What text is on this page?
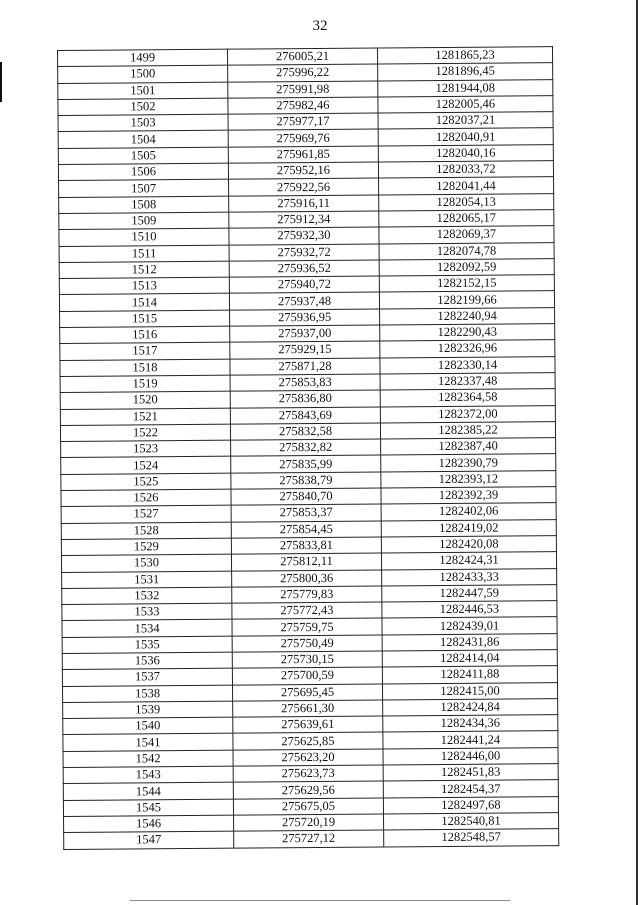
32
1499	276005,21	1281865,23
1500	275996,22	1281896,45
1501	275991,98	1281944,08
1502	275982,46	1282005,46
1503	275977,17	1282037,21
1504	275969,76	1282040,91
1505	275961,85	1282040,16
1506	275952,16	1282033,72
1507	275922,56	1282041,44
1508	275916,11	1282054,13
1509	275912,34	1282065,17
1510	275932,30	1282069,37
1511	275932,72	1282074,78
1512	275936,52	1282092,59
1513	275940,72	1282152,15
1514	275937,48	1282199,66
1515	275936,95	1282240,94
1516	275937,00	1282290,43
1517	275929,15	1282326,96
1518	275871,28	1282330,14
1519	275853,83	1282337,48
1520	275836,80	1282364,58
1521	275843,69	1282372,00
1522	275832,58	1282385,22
1523	275832,82	1282387,40
1524	275835,99	1282390,79
1525	275838,79	1282393,12
1526	275840,70	1282392,39
1527	275853,37	1282402,06
1528	275854,45	1282419,02
1529	275833,81	1282420,08
1530	275812,11	1282424,31
1531	275800,36	1282433,33
1532	275779,83	1282447,59
1533	275772,43	1282446,53
1534	275759,75	1282439,01
1535	275750,49	1282431,86
1536	275730,15	1282414,04
1537	275700,59	1282411,88
1538	275695,45	1282415,00
1539	275661,30	1282424,84
1540	275639,61	1282434,36
1541	275625,85	1282441,24
1542	275623,20	1282446,00
1543	275623,73	1282451,83
1544	275629,56	1282454,37
1545	275675,05	1282497,68
1546	275720,19	1282540,81
1547	275727,12	1282548,57
